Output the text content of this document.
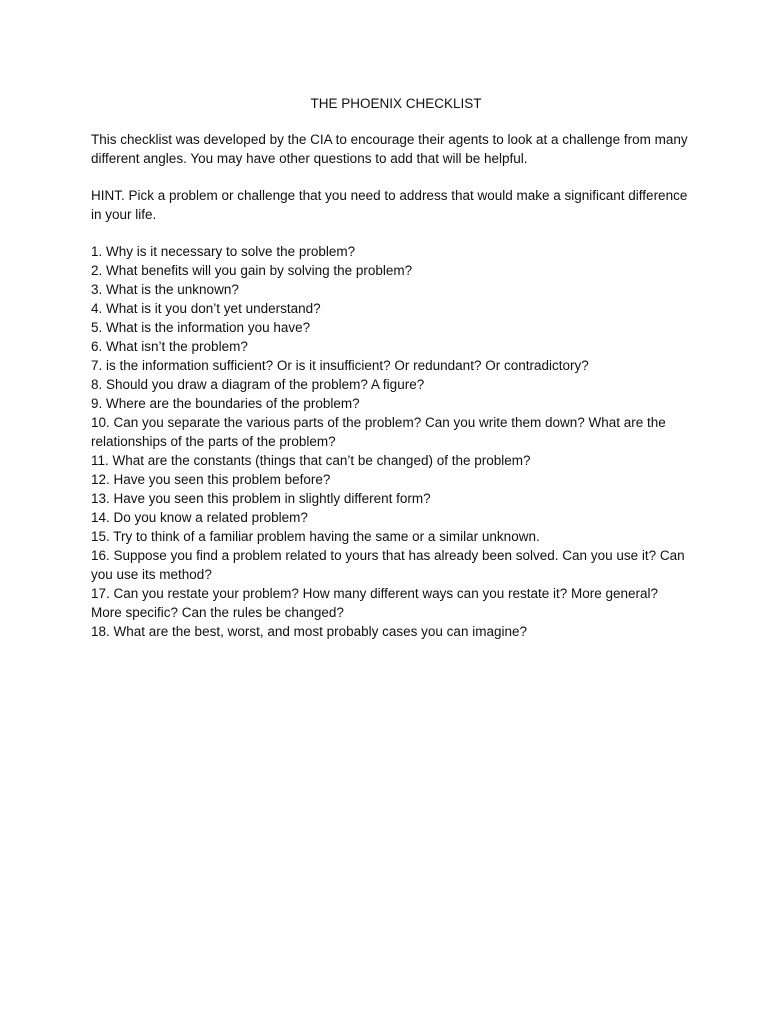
THE PHOENIX CHECKLIST

This checklist was developed by the CIA to encourage their agents to look at a challenge from many different angles. You may have other questions to add that will be helpful.

HINT. Pick a problem or challenge that you need to address that would make a significant difference in your life.

1. Why is it necessary to solve the problem?
2. What benefits will you gain by solving the problem?
3. What is the unknown?
4. What is it you don’t yet understand?
5. What is the information you have?
6. What isn’t the problem?
7. is the information sufficient? Or is it insufficient? Or redundant? Or contradictory?
8. Should you draw a diagram of the problem? A figure?
9. Where are the boundaries of the problem?
10. Can you separate the various parts of the problem? Can you write them down? What are the relationships of the parts of the problem?
11. What are the constants (things that can’t be changed) of the problem?
12. Have you seen this problem before?
13. Have you seen this problem in slightly different form?
14. Do you know a related problem?
15. Try to think of a familiar problem having the same or a similar unknown.
16. Suppose you find a problem related to yours that has already been solved. Can you use it? Can you use its method?
17. Can you restate your problem? How many different ways can you restate it? More general? More specific? Can the rules be changed?
18. What are the best, worst, and most probably cases you can imagine?
